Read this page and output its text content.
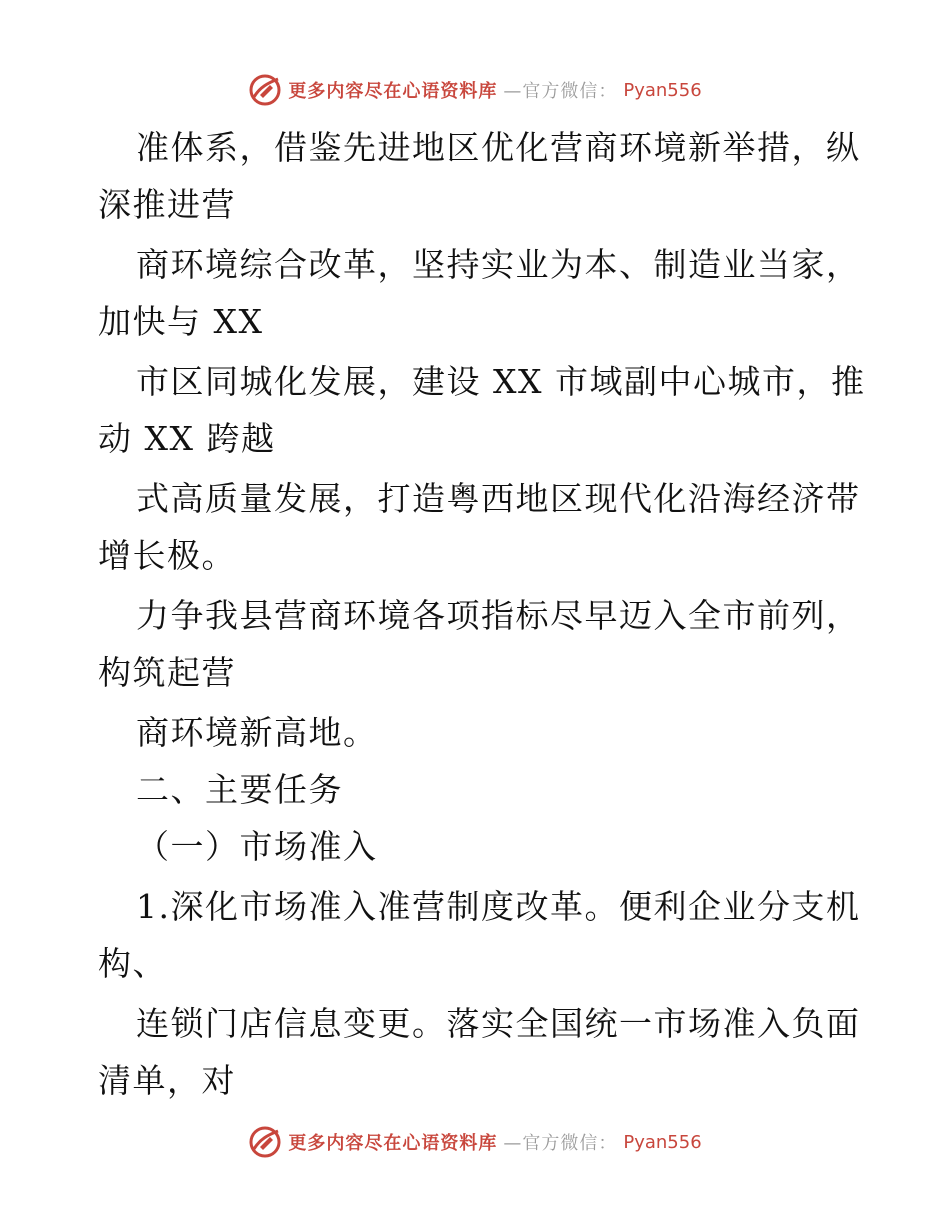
更多内容尽在心语资料库 —官方微信： Pyan556
准体系，借鉴先进地区优化营商环境新举措，纵
深推进营
商环境综合改革，坚持实业为本、制造业当家，
加快与 XX
市区同城化发展，建设 XX 市域副中心城市，推
动 XX 跨越
式高质量发展，打造粤西地区现代化沿海经济带
增长极。
力争我县营商环境各项指标尽早迈入全市前列，
构筑起营
商环境新高地。
二、主要任务
（一）市场准入
1.深化市场准入准营制度改革。便利企业分支机
构、
连锁门店信息变更。落实全国统一市场准入负面
清单，对
更多内容尽在心语资料库 —官方微信： Pyan556
